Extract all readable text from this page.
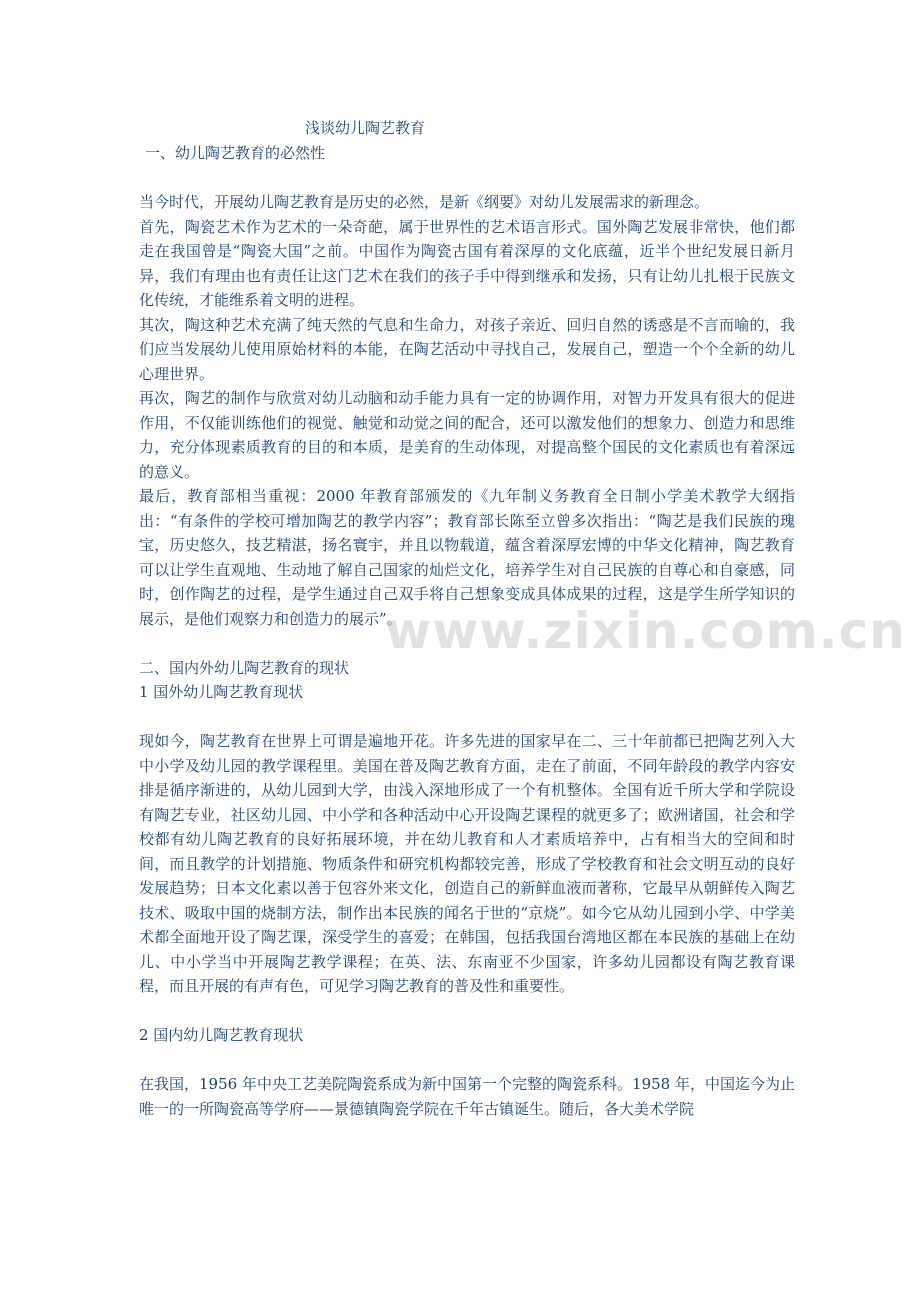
浅谈幼儿陶艺教育

一、幼儿陶艺教育的必然性

当今时代，开展幼儿陶艺教育是历史的必然，是新《纲要》对幼儿发展需求的新理念。

首先，陶瓷艺术作为艺术的一朵奇葩，属于世界性的艺术语言形式。国外陶艺发展非常快，他们都走在我国曾是“陶瓷大国”之前。中国作为陶瓷古国有着深厚的文化底蕴，近半个世纪发展日新月异，我们有理由也有责任让这门艺术在我们的孩子手中得到继承和发扬，只有让幼儿扎根于民族文化传统，才能维系着文明的进程。

其次，陶这种艺术充满了纯天然的气息和生命力，对孩子亲近、回归自然的诱惑是不言而喻的，我们应当发展幼儿使用原始材料的本能，在陶艺活动中寻找自己，发展自己，塑造一个个全新的幼儿心理世界。

再次，陶艺的制作与欣赏对幼儿动脑和动手能力具有一定的协调作用，对智力开发具有很大的促进作用，不仅能训练他们的视觉、触觉和动觉之间的配合，还可以激发他们的想象力、创造力和思维力，充分体现素质教育的目的和本质，是美育的生动体现，对提高整个国民的文化素质也有着深远的意义。

最后，教育部相当重视：2000 年教育部颁发的《九年制义务教育全日制小学美术教学大纲指出：“有条件的学校可增加陶艺的教学内容”；教育部长陈至立曾多次指出：“陶艺是我们民族的瑰宝，历史悠久，技艺精湛，扬名寰宇，并且以物载道，蕴含着深厚宏博的中华文化精神，陶艺教育可以让学生直观地、生动地了解自己国家的灿烂文化，培养学生对自己民族的自尊心和自豪感，同时，创作陶艺的过程，是学生通过自己双手将自己想象变成具体成果的过程，这是学生所学知识的展示，是他们观察力和创造力的展示”。

二、国内外幼儿陶艺教育的现状

1 国外幼儿陶艺教育现状

现如今，陶艺教育在世界上可谓是遍地开花。许多先进的国家早在二、三十年前都已把陶艺列入大中小学及幼儿园的教学课程里。美国在普及陶艺教育方面，走在了前面，不同年龄段的教学内容安排是循序渐进的，从幼儿园到大学，由浅入深地形成了一个有机整体。全国有近千所大学和学院设有陶艺专业，社区幼儿园、中小学和各种活动中心开设陶艺课程的就更多了；欧洲诸国，社会和学校都有幼儿陶艺教育的良好拓展环境，并在幼儿教育和人才素质培养中，占有相当大的空间和时间，而且教学的计划措施、物质条件和研究机构都较完善，形成了学校教育和社会文明互动的良好发展趋势；日本文化素以善于包容外来文化，创造自己的新鲜血液而著称，它最早从朝鲜传入陶艺技术、吸取中国的烧制方法，制作出本民族的闻名于世的“京烧”。如今它从幼儿园到小学、中学美术都全面地开设了陶艺课，深受学生的喜爱；在韩国，包括我国台湾地区都在本民族的基础上在幼儿、中小学当中开展陶艺教学课程；在英、法、东南亚不少国家，许多幼儿园都设有陶艺教育课程，而且开展的有声有色，可见学习陶艺教育的普及性和重要性。

2 国内幼儿陶艺教育现状

在我国，1956 年中央工艺美院陶瓷系成为新中国第一个完整的陶瓷系科。1958 年，中国迄今为止唯一的一所陶瓷高等学府——景德镇陶瓷学院在千年古镇诞生。随后，各大美术学院

www.zixin.com.cn
